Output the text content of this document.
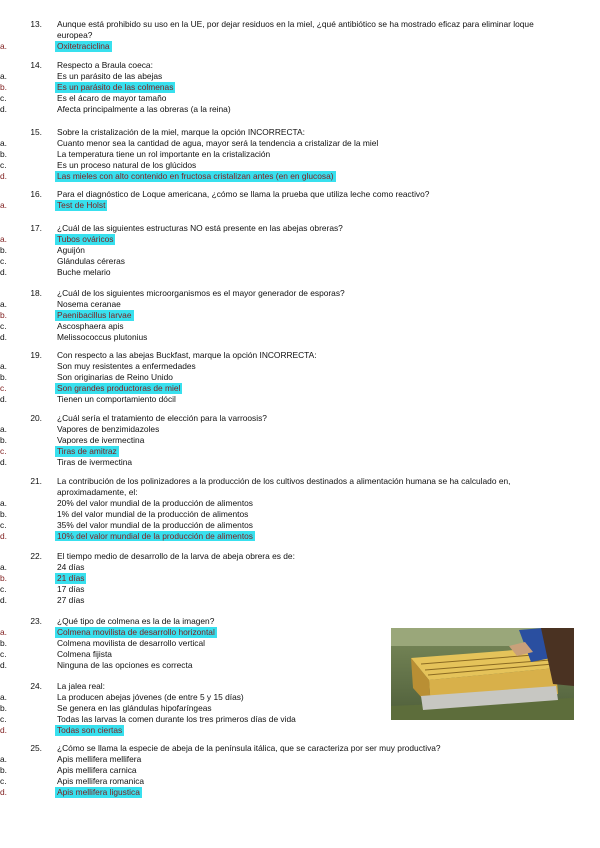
13. Aunque está prohibido su uso en la UE, por dejar residuos en la miel, ¿qué antibiótico se ha mostrado eficaz para eliminar loque europea?
a.	Oxitetraciclina
14. Respecto a Braula coeca:
a.	Es un parásito de las abejas
b.	Es un parásito de las colmenas
c.	Es el ácaro de mayor tamaño
d.	Afecta principalmente a las obreras (a la reina)
15. Sobre la cristalización de la miel, marque la opción INCORRECTA:
a.	Cuanto menor sea la cantidad de agua, mayor será la tendencia a cristalizar de la miel
b.	La temperatura tiene un rol importante en la cristalización
c.	Es un proceso natural de los glúcidos
d.	Las mieles con alto contenido en fructosa cristalizan antes (en en glucosa)
16. Para el diagnóstico de Loque americana, ¿cómo se llama la prueba que utiliza leche como reactivo?
a.	Test de Holst
17. ¿Cuál de las siguientes estructuras NO está presente en las abejas obreras?
a.	Tubos ováricos
b.	Aguijón
c.	Glándulas céreras
d.	Buche melario
18. ¿Cuál de los siguientes microorganismos es el mayor generador de esporas?
a.	Nosema ceranae
b.	Paenibacillus larvae
c.	Ascosphaera apis
d.	Melissococcus plutonius
19. Con respecto a las abejas Buckfast, marque la opción INCORRECTA:
a.	Son muy resistentes a enfermedades
b.	Son originarias de Reino Unido
c.	Son grandes productoras de miel
d.	Tienen un comportamiento dócil
20. ¿Cuál sería el tratamiento de elección para la varroosis?
a.	Vapores de benzimidazoles
b.	Vapores de ivermectina
c.	Tiras de amitraz
d.	Tiras de ivermectina
21. La contribución de los polinizadores a la producción de los cultivos destinados a alimentación humana se ha calculado en, aproximadamente, el:
a.	20% del valor mundial de la producción de alimentos
b.	1% del valor mundial de la producción de alimentos
c.	35% del valor mundial de la producción de alimentos
d.	10% del valor mundial de la producción de alimentos
22. El tiempo medio de desarrollo de la larva de abeja obrera es de:
a.	24 días
b.	21 días
c.	17 días
d.	27 días
23. ¿Qué tipo de colmena es la de la imagen?
a.	Colmena movilista de desarrollo horizontal
b.	Colmena movilista de desarrollo vertical
c.	Colmena fijista
d.	Ninguna de las opciones es correcta
24. La jalea real:
a.	La producen abejas jóvenes (de entre 5 y 15 días)
b.	Se genera en las glándulas hipofaríngeas
c.	Todas las larvas la comen durante los tres primeros días de vida
d.	Todas son ciertas
25. ¿Cómo se llama la especie de abeja de la península itálica, que se caracteriza por ser muy productiva?
a.	Apis mellifera mellifera
b.	Apis mellifera carnica
c.	Apis mellifera romanica
d.	Apis mellifera ligustica
